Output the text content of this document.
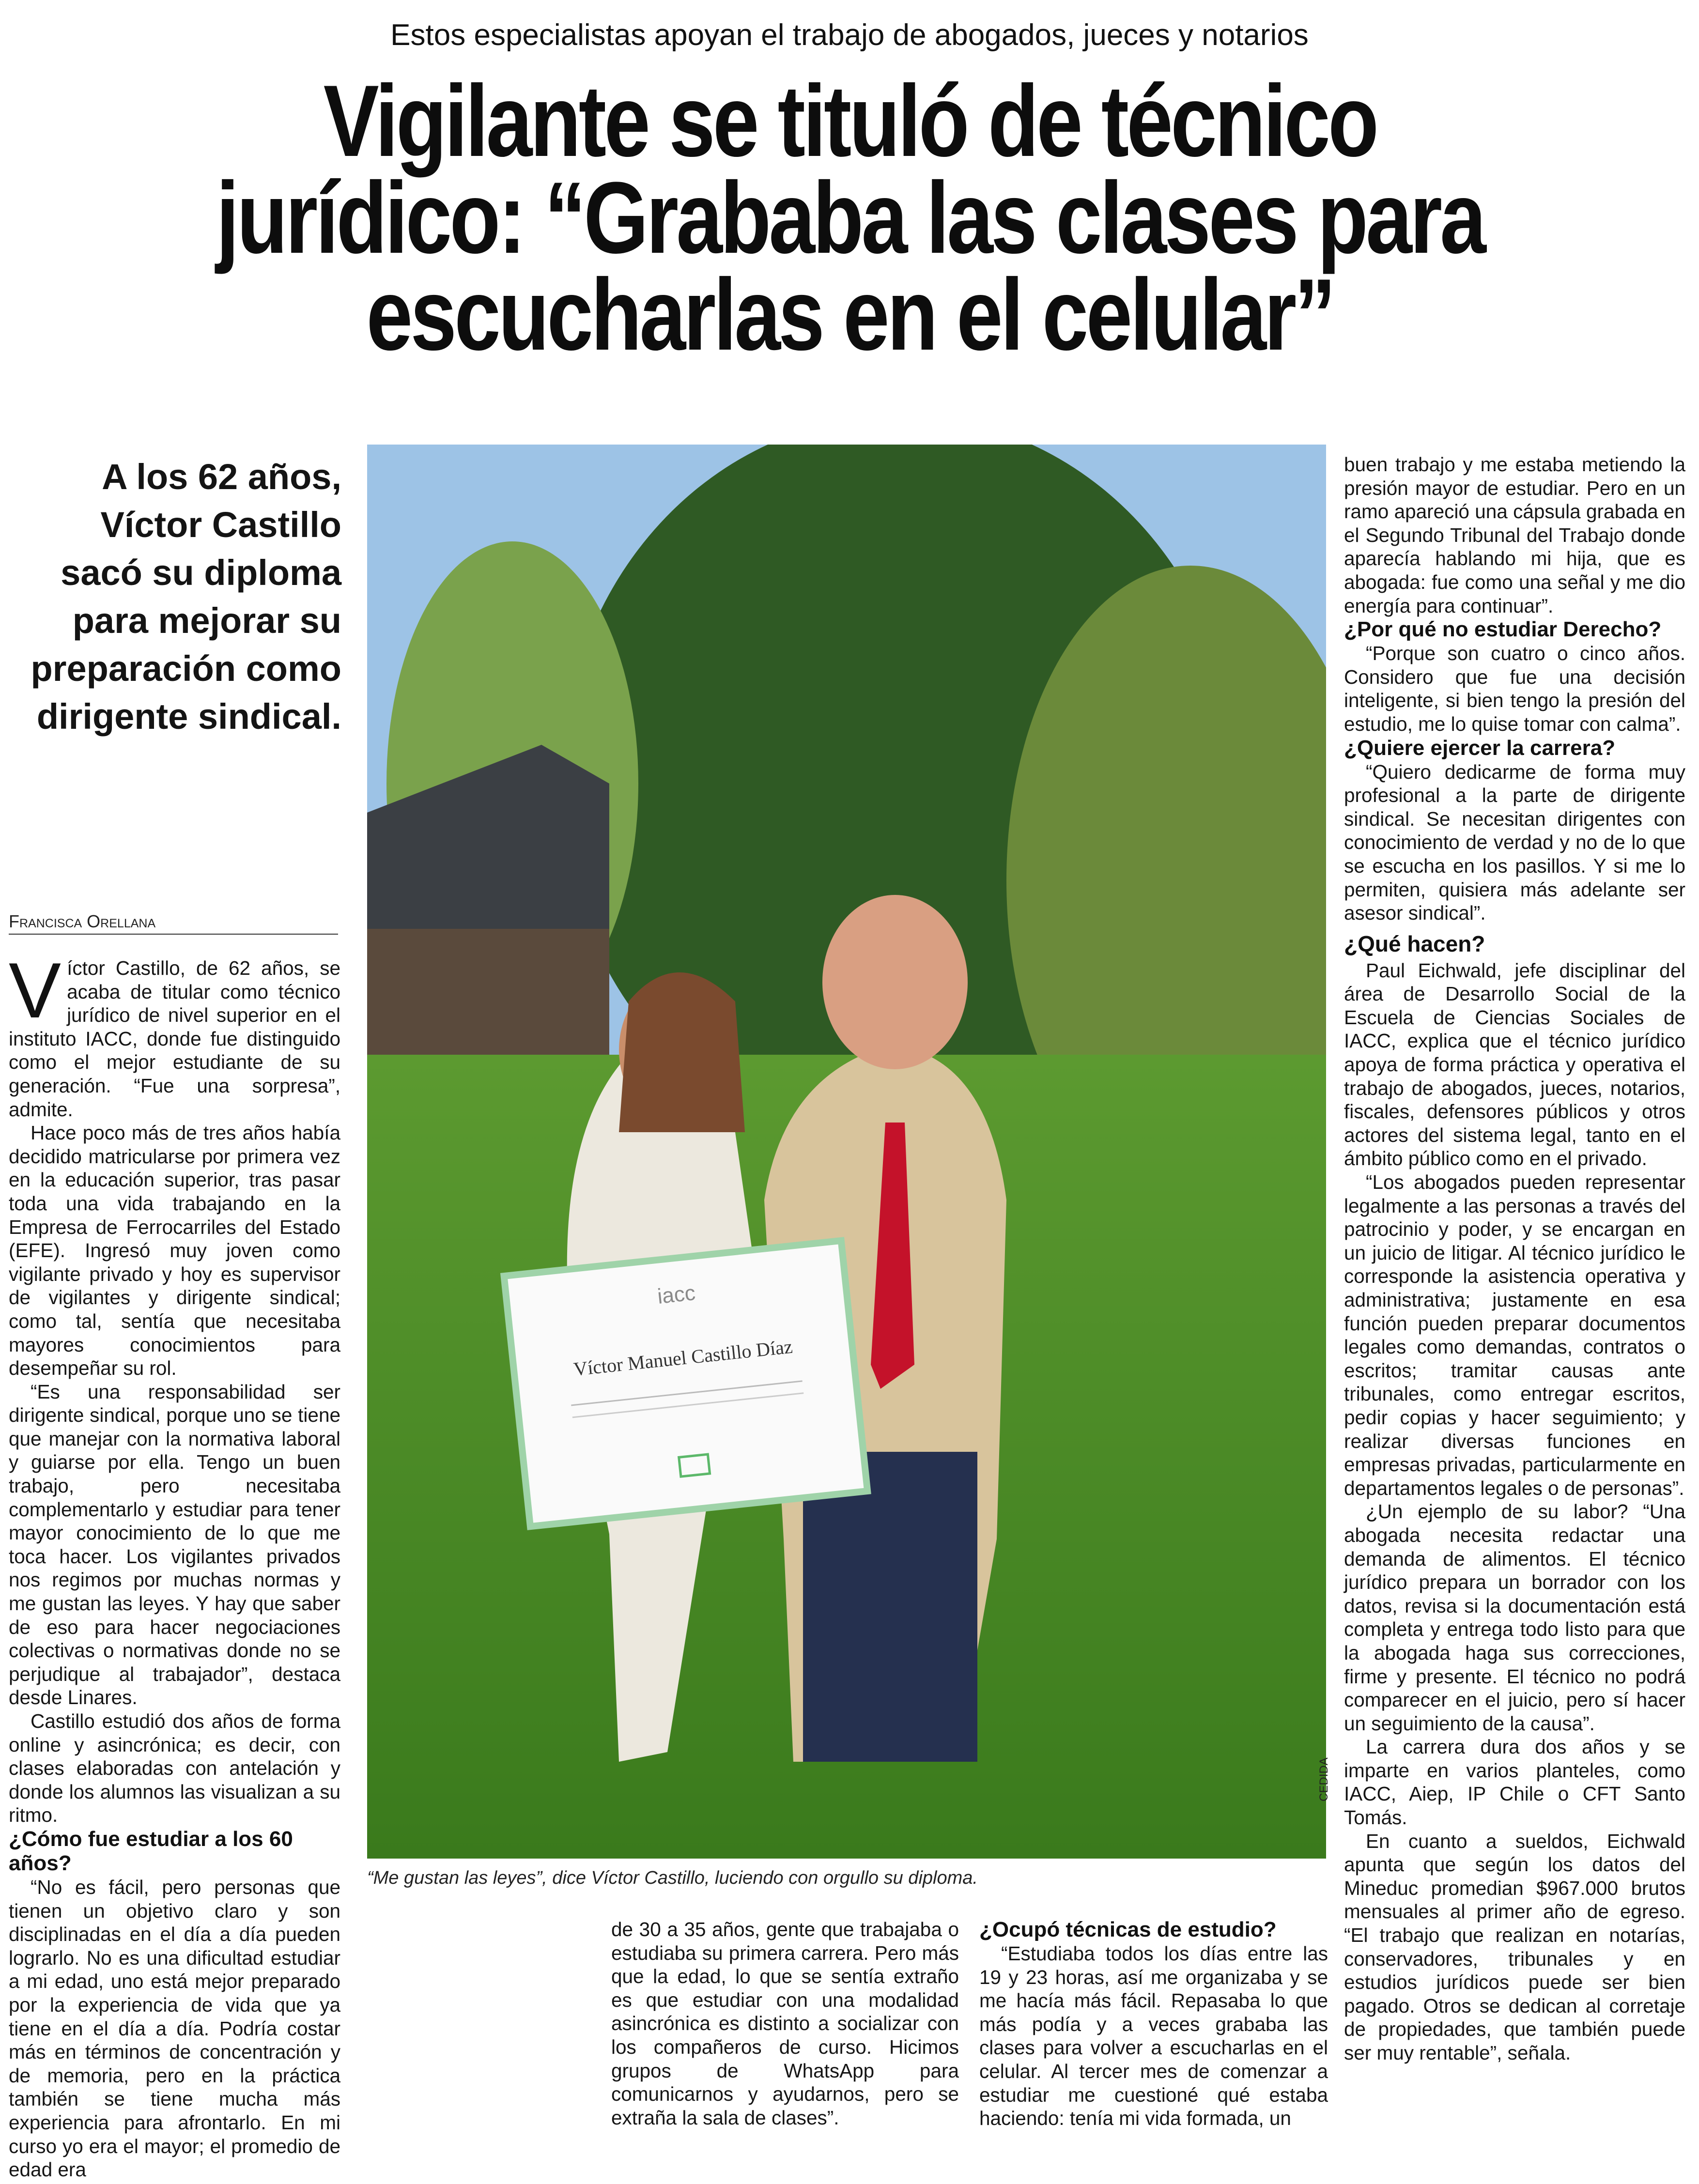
Estos especialistas apoyan el trabajo de abogados, jueces y notarios
Vigilante se tituló de técnico
jurídico: “Grababa las clases para
escucharlas en el celular”
A los 62 años, Víctor Castillo sacó su diploma para mejorar su preparación como dirigente sindical.
Francisca Orellana

Víctor Castillo, de 62 años, se acaba de titular como técnico jurídico de nivel superior en el instituto IACC, donde fue distinguido como el mejor estudiante de su generación. “Fue una sorpresa”, admite.

Hace poco más de tres años había decidido matricularse por primera vez en la educación superior, tras pasar toda una vida trabajando en la Empresa de Ferrocarriles del Estado (EFE). Ingresó muy joven como vigilante privado y hoy es supervisor de vigilantes y dirigente sindical; como tal, sentía que necesitaba mayores conocimientos para desempeñar su rol.

“Es una responsabilidad ser dirigente sindical, porque uno se tiene que manejar con la normativa laboral y guiarse por ella. Tengo un buen trabajo, pero necesitaba complementarlo y estudiar para tener mayor conocimiento de lo que me toca hacer. Los vigilantes privados nos regimos por muchas normas y me gustan las leyes. Y hay que saber de eso para hacer negociaciones colectivas o normativas donde no se perjudique al trabajador”, destaca desde Linares.

Castillo estudió dos años de forma online y asincrónica; es decir, con clases elaboradas con antelación y donde los alumnos las visualizan a su ritmo.

¿Cómo fue estudiar a los 60 años?

“No es fácil, pero personas que tienen un objetivo claro y son disciplinadas en el día a día pueden lograrlo. No es una dificultad estudiar a mi edad, uno está mejor preparado por la experiencia de vida que ya tiene en el día a día. Podría costar más en términos de concentración y de memoria, pero en la práctica también se tiene mucha más experiencia para afrontarlo. En mi curso yo era el mayor; el promedio de edad era

iacc
Víctor Manuel Castillo Díaz
CEDIDA
“Me gustan las leyes”, dice Víctor Castillo, luciendo con orgullo su diploma.

de 30 a 35 años, gente que trabajaba o estudiaba su primera carrera. Pero más que la edad, lo que se sentía extraño es que estudiar con una modalidad asincrónica es distinto a socializar con los compañeros de curso. Hicimos grupos de WhatsApp para comunicarnos y ayudarnos, pero se extraña la sala de clases”.

¿Ocupó técnicas de estudio?

“Estudiaba todos los días entre las 19 y 23 horas, así me organizaba y se me hacía más fácil. Repasaba lo que más podía y a veces grababa las clases para volver a escucharlas en el celular. Al tercer mes de comenzar a estudiar me cuestioné qué estaba haciendo: tenía mi vida formada, un

buen trabajo y me estaba metiendo la presión mayor de estudiar. Pero en un ramo apareció una cápsula grabada en el Segundo Tribunal del Trabajo donde aparecía hablando mi hija, que es abogada: fue como una señal y me dio energía para continuar”.

¿Por qué no estudiar Derecho?

“Porque son cuatro o cinco años. Considero que fue una decisión inteligente, si bien tengo la presión del estudio, me lo quise tomar con calma”.

¿Quiere ejercer la carrera?

“Quiero dedicarme de forma muy profesional a la parte de dirigente sindical. Se necesitan dirigentes con conocimiento de verdad y no de lo que se escucha en los pasillos. Y si me lo permiten, quisiera más adelante ser asesor sindical”.

¿Qué hacen?

Paul Eichwald, jefe disciplinar del área de Desarrollo Social de la Escuela de Ciencias Sociales de IACC, explica que el técnico jurídico apoya de forma práctica y operativa el trabajo de abogados, jueces, notarios, fiscales, defensores públicos y otros actores del sistema legal, tanto en el ámbito público como en el privado.

“Los abogados pueden representar legalmente a las personas a través del patrocinio y poder, y se encargan en un juicio de litigar. Al técnico jurídico le corresponde la asistencia operativa y administrativa; justamente en esa función pueden preparar documentos legales como demandas, contratos o escritos; tramitar causas ante tribunales, como entregar escritos, pedir copias y hacer seguimiento; y realizar diversas funciones en empresas privadas, particularmente en departamentos legales o de personas”.

¿Un ejemplo de su labor? “Una abogada necesita redactar una demanda de alimentos. El técnico jurídico prepara un borrador con los datos, revisa si la documentación está completa y entrega todo listo para que la abogada haga sus correcciones, firme y presente. El técnico no podrá comparecer en el juicio, pero sí hacer un seguimiento de la causa”.

La carrera dura dos años y se imparte en varios planteles, como IACC, Aiep, IP Chile o CFT Santo Tomás.

En cuanto a sueldos, Eichwald apunta que según los datos del Mineduc promedian $967.000 brutos mensuales al primer año de egreso. “El trabajo que realizan en notarías, conservadores, tribunales y en estudios jurídicos puede ser bien pagado. Otros se dedican al corretaje de propiedades, que también puede ser muy rentable”, señala.
